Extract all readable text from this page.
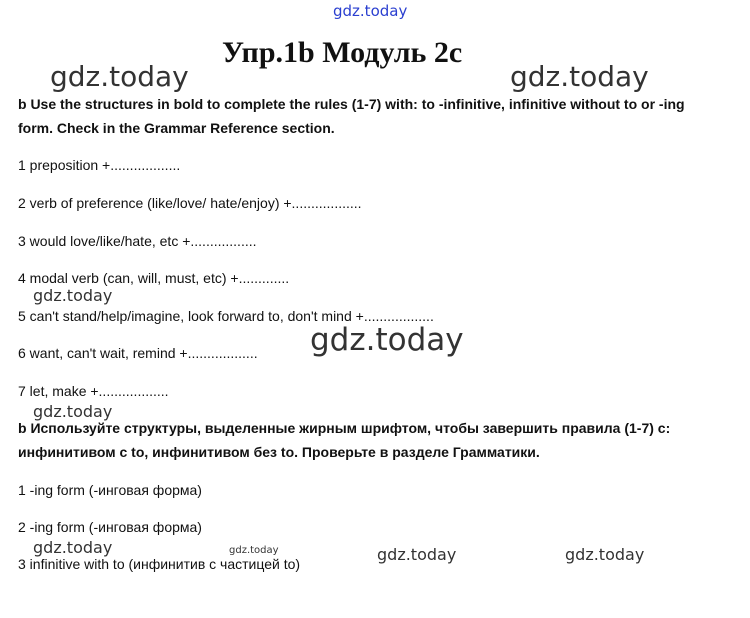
gdz.today
gdz.today	gdz.today
Упр.1b Модуль 2c
b Use the structures in bold to complete the rules (1-7) with: to -infinitive, infinitive without to or -ing
form. Check in the Grammar Reference section.
1 preposition +..................
2 verb of preference (like/love/ hate/enjoy) +..................
3 would love/like/hate, etc +.................
4 modal verb (can, will, must, etc) +.............
gdz.today
5 can't stand/help/imagine, look forward to, don't mind +..................
gdz.today
6 want, can't wait, remind +..................
7 let, make +..................
gdz.today
b Используйте структуры, выделенные жирным шрифтом, чтобы завершить правила (1-7) с:
инфинитивом с to, инфинитивом без to. Проверьте в разделе Грамматики.
1 -ing form (-инговая форма)
2 -ing form (-инговая форма)
gdz.today	gdz.today	gdz.today	gdz.today
3 infinitive with to (инфинитив с частицей to)
